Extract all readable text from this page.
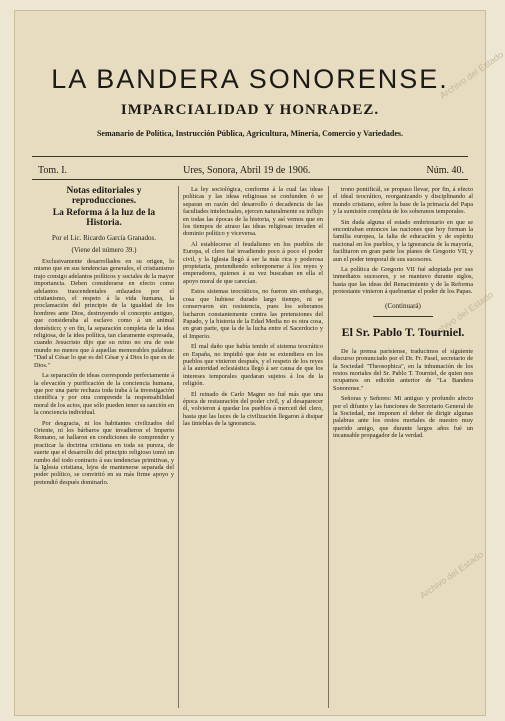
Archivo del Estado
Archivo del Estado
Archivo del Estado
LA BANDERA SONORENSE.
IMPARCIALIDAD Y HONRADEZ.

Semanario de Política, Instrucción Pública, Agricultura, Minería, Comercio y Variedades.

Tom. I.	Ures, Sonora, Abril 19 de 1906.	Núm. 40.

Notas editoriales y reproducciones.

La Reforma á la luz de la Historia.

Por el Lic. Ricardo García Granados.

(Viene del número 39.)

Exclusivamente desarrollados en su origen, lo mismo que en sus tendencias generales, el cristianismo trajo consigo adelantos políticos y sociales de la mayor importancia. Deben considerarse en efecto como adelantos trascendentales enlazados por el cristianismo, el respeto á la vida humana, la proclamación del principio de la igualdad de los hombres ante Dios, destruyendo el concepto antiguo, que consideraba al esclavo como á un animal doméstico; y en fin, la separación completa de la idea religiosa, de la idea política, tan claramente expresada, cuando Jesucristo dijo que su reino no era de este mundo no menos que á aquellas memorables palabras: "Dad al César lo que es del César y á Dios lo que es de Dios."

La separación de ideas corresponde perfectamente á la elevación y purificación de la conciencia humana, que por una parte rechaza toda traba á la investigación científica y por otra comprende la responsabilidad moral de los actos, que sólo pueden tener su sanción en la conciencia individual.

Por desgracia, ni los habitantes civilizados del Oriente, ni los bárbaros que invadieron el Imperio Romano, se hallaron en condiciones de comprender y practicar la doctrina cristiana en toda su pureza, de suerte que el desarrollo del principio religioso tomó un rumbo del todo contrario á sus tendencias primitivas, y la Iglesia cristiana, lejos de mantenerse separada del poder político, se convirtió en su más firme apoyo y pretendió después dominarlo.

La ley sociológica, conforme á la cual las ideas políticas y las ideas religiosas se confunden ó se separan en razón del desarrollo ó decadencia de las facultades intelectuales, ejercen naturalmente su influjo en todas las épocas de la historia, y así vemos que en los tiempos de atraso las ideas religiosas invaden el dominio político y viceversa.

Al establecerse el feudalismo en los pueblos de Europa, el clero fué invadiendo poco á poco el poder civil, y la Iglesia llegó á ser la más rica y poderosa propietaria, pretendiendo sobreponerse á los reyes y emperadores, quienes á su vez buscaban en ella el apoyo moral de que carecían.

Estos sistemas teocráticos, no fueron sin embargo, cosa que hubiese durado largo tiempo, ni se conservaron sin resistencia, pues los soberanos lucharon constantemente contra las pretensiones del Papado, y la historia de la Edad Media no es otra cosa, en gran parte, que la de la lucha entre el Sacerdocio y el Imperio.

El mal daño que había tenido el sistema teocrático en España, no impidió que éste se extendiera en los pueblos que vinieron después, y el respeto de los reyes á la autoridad eclesiástica llegó á ser causa de que los intereses temporales quedaran sujetos á los de la religión.

El reinado de Carlo Magno no fué más que una época de restauración del poder civil, y al desaparecer él, volvieron á quedar los pueblos á merced del clero, hasta que las luces de la civilización llegaron á disipar las tinieblas de la ignorancia.

trono pontificál, se propuso llevar, por fin, á efecto el ideal teocrático, reorganizando y disciplinando al mundo cristiano, sobre la base de la primacía del Papa y la sumisión completa de los soberanos temporales.

Sin duda alguna el estado embrionario en que se encontraban entonces las naciones que hoy forman la familia europea, la falta de educación y de espíritu nacional en los pueblos, y la ignorancia de la mayoría, facilitaron en gran parte los planes de Gregorio VII, y aun el poder temporal de sus sucesores.

La política de Gregorio VII fué adoptada por sus inmediatos sucesores, y se mantuvo durante siglos, hasta que las ideas del Renacimiento y de la Reforma protestante vinieron á quebrantar el poder de los Papas.

(Continuará)

El Sr. Pablo T. Tourniel.

De la prensa parisiense, traducimos el siguiente discurso pronunciado por el Dr. Fr. Pasel, secretario de la Sociedad "Theosophica", en la inhumación de los restos mortales del Sr. Pablo T. Tourniel, de quien nos ocupamos en edición anterior de "La Bandera Sonorense."

Señoras y Señores: Mi antiguo y profundo afecto por el difunto y las funciones de Secretario General de la Sociedad, me imponen el deber de dirigir algunas palabras ante los restos mortales de nuestro muy querido amigo, que durante largos años fué un incansable propagador de la verdad.
